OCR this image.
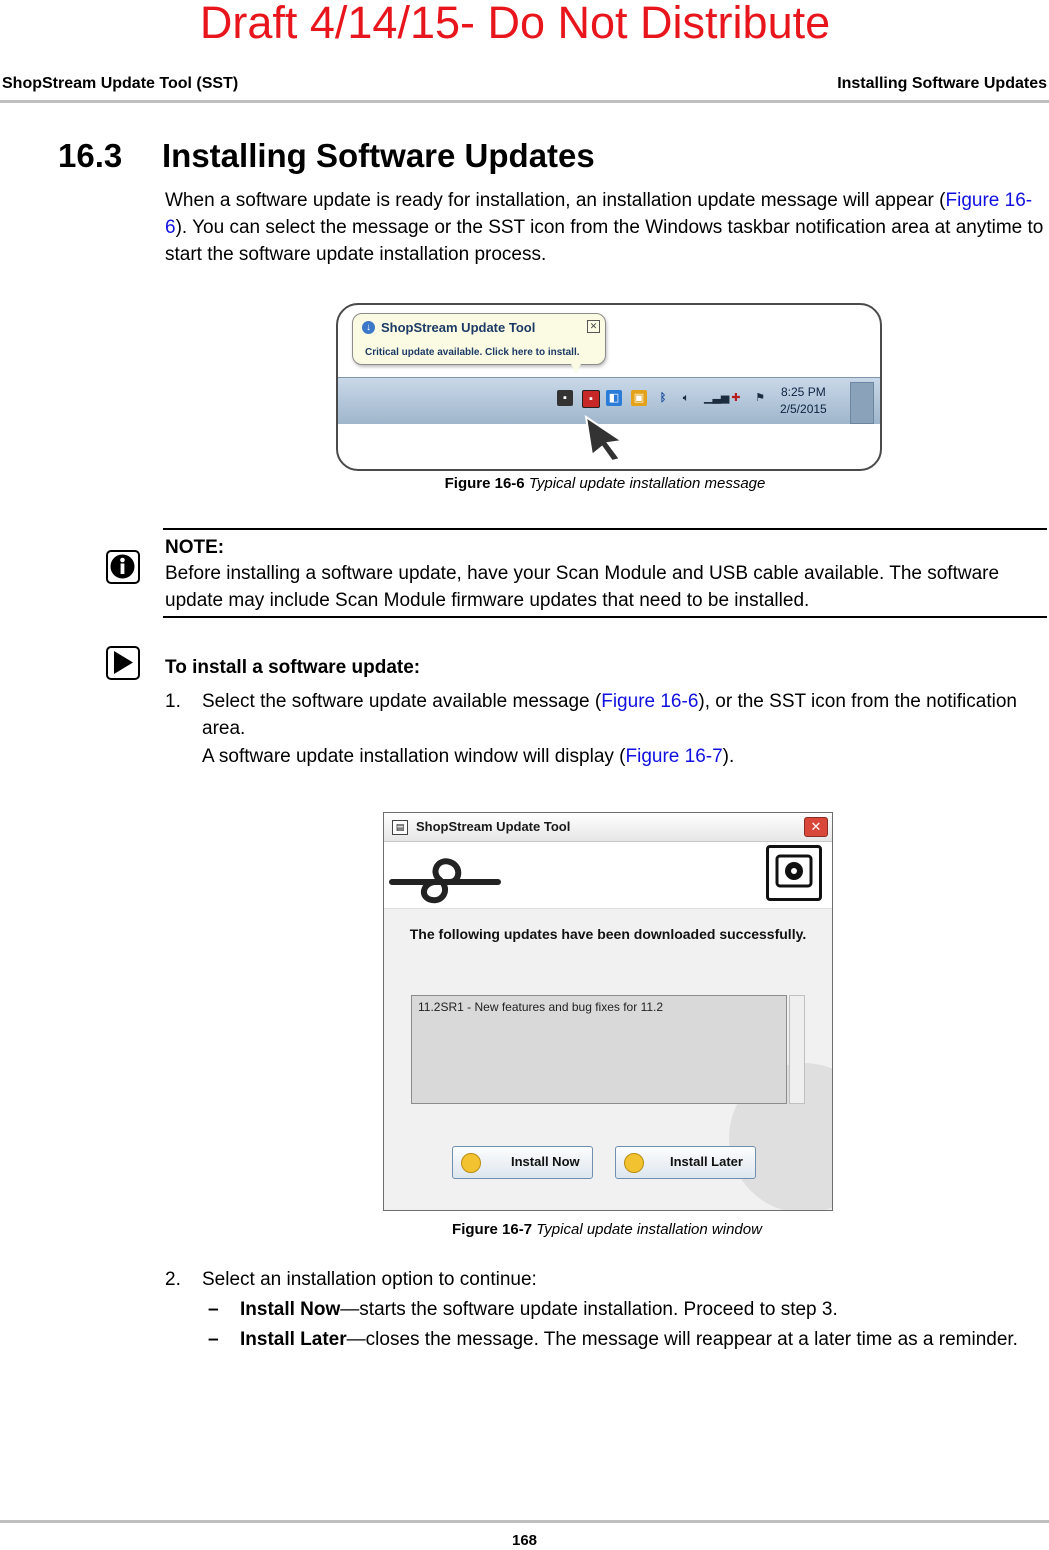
Draft 4/14/15- Do Not Distribute
ShopStream Update Tool (SST)	Installing Software Updates
16.3 Installing Software Updates
When a software update is ready for installation, an installation update message will appear (Figure 16-6). You can select the message or the SST icon from the Windows taskbar notification area at anytime to start the software update installation process.
▪	▪	◧ ▣	ᛒ	🔈︎	▁▃▅ ✚	⚑ 8:25 PM
2/5/2015
↓ ShopStream Update Tool	✕
Critical update available. Click here to install.
Figure 16-6 Typical update installation message
NOTE:
Before installing a software update, have your Scan Module and USB cable available. The software update may include Scan Module firmware updates that need to be installed.
To install a software update:
1. Select the software update available message (Figure 16-6), or the SST icon from the notification area.
A software update installation window will display (Figure 16-7).
▤ ShopStream Update Tool	✕
The following updates have been downloaded successfully.
11.2SR1 - New features and bug fixes for 11.2
Install Now	Install Later
Figure 16-7 Typical update installation window
2. Select an installation option to continue:
– Install Now—starts the software update installation. Proceed to step 3.
– Install Later—closes the message. The message will reappear at a later time as a reminder.
168
